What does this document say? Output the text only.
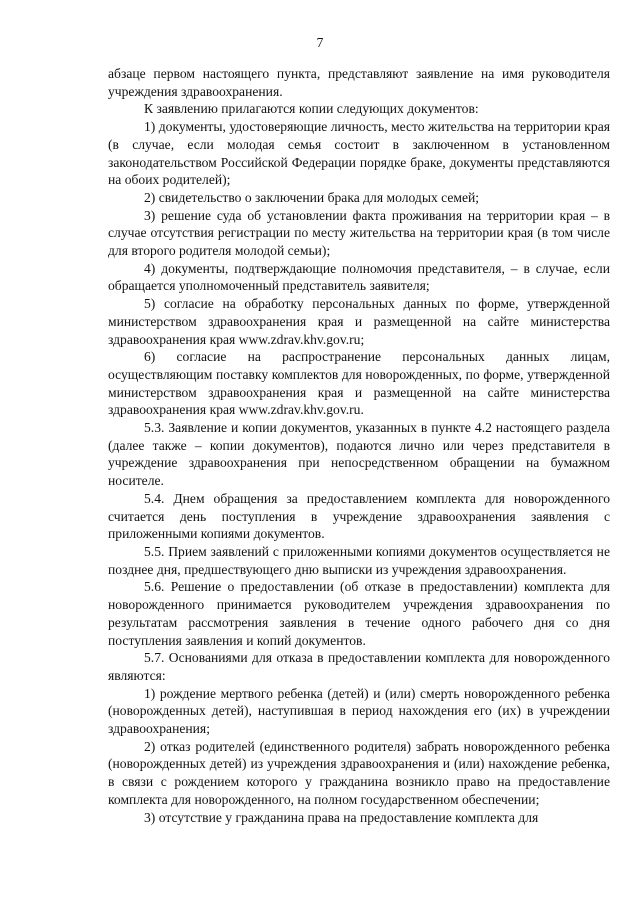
7

абзаце первом настоящего пункта, представляют заявление на имя руководителя учреждения здравоохранения.

К заявлению прилагаются копии следующих документов:

1) документы, удостоверяющие личность, место жительства на территории края (в случае, если молодая семья состоит в заключенном в установленном законодательством Российской Федерации порядке браке, документы представляются на обоих родителей);

2) свидетельство о заключении брака для молодых семей;

3) решение суда об установлении факта проживания на территории края – в случае отсутствия регистрации по месту жительства на территории края (в том числе для второго родителя молодой семьи);

4) документы, подтверждающие полномочия представителя, – в случае, если обращается уполномоченный представитель заявителя;

5) согласие на обработку персональных данных по форме, утвержденной министерством здравоохранения края и размещенной на сайте министерства здравоохранения края www.zdrav.khv.gov.ru;

6) согласие на распространение персональных данных лицам, осуществляющим поставку комплектов для новорожденных, по форме, утвержденной министерством здравоохранения края и размещенной на сайте министерства здравоохранения края www.zdrav.khv.gov.ru.

5.3. Заявление и копии документов, указанных в пункте 4.2 настоящего раздела (далее также – копии документов), подаются лично или через представителя в учреждение здравоохранения при непосредственном обращении на бумажном носителе.

5.4. Днем обращения за предоставлением комплекта для новорожденного считается день поступления в учреждение здравоохранения заявления с приложенными копиями документов.

5.5. Прием заявлений с приложенными копиями документов осуществляется не позднее дня, предшествующего дню выписки из учреждения здравоохранения.

5.6. Решение о предоставлении (об отказе в предоставлении) комплекта для новорожденного принимается руководителем учреждения здравоохранения по результатам рассмотрения заявления в течение одного рабочего дня со дня поступления заявления и копий документов.

5.7. Основаниями для отказа в предоставлении комплекта для новорожденного являются:

1) рождение мертвого ребенка (детей) и (или) смерть новорожденного ребенка (новорожденных детей), наступившая в период нахождения его (их) в учреждении здравоохранения;

2) отказ родителей (единственного родителя) забрать новорожденного ребенка (новорожденных детей) из учреждения здравоохранения и (или) нахождение ребенка, в связи с рождением которого у гражданина возникло право на предоставление комплекта для новорожденного, на полном государственном обеспечении;

3) отсутствие у гражданина права на предоставление комплекта для
